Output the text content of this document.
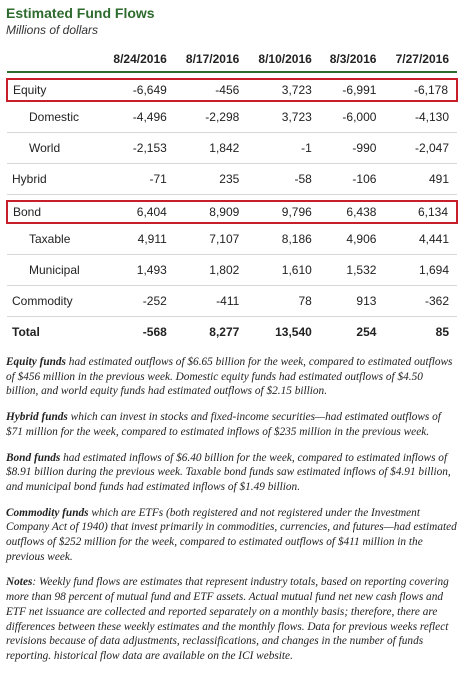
Estimated Fund Flows
Millions of dollars
	8/24/2016	8/17/2016	8/10/2016	8/3/2016	7/27/2016

Equity	-6,649	-456	3,723	-6,991	-6,178
Domestic	-4,496	-2,298	3,723	-6,000	-4,130
World	-2,153	1,842	-1	-990	-2,047
Hybrid	-71	235	-58	-106	491

Bond	6,404	8,909	9,796	6,438	6,134
Taxable	4,911	7,107	8,186	4,906	4,441
Municipal	1,493	1,802	1,610	1,532	1,694
Commodity	-252	-411	78	913	-362
Total	-568	8,277	13,540	254	85

Equity funds had estimated outflows of $6.65 billion for the week, compared to estimated outflows of $456 million in the previous week. Domestic equity funds had estimated outflows of $4.50 billion, and world equity funds had estimated outflows of $2.15 billion.

Hybrid funds which can invest in stocks and fixed-income securities—had estimated outflows of $71 million for the week, compared to estimated inflows of $235 million in the previous week.

Bond funds had estimated inflows of $6.40 billion for the week, compared to estimated inflows of $8.91 billion during the previous week. Taxable bond funds saw estimated inflows of $4.91 billion, and municipal bond funds had estimated inflows of $1.49 billion.

Commodity funds which are ETFs (both registered and not registered under the Investment Company Act of 1940) that invest primarily in commodities, currencies, and futures—had estimated outflows of $252 million for the week, compared to estimated outflows of $411 million in the previous week.

Notes: Weekly fund flows are estimates that represent industry totals, based on reporting covering more than 98 percent of mutual fund and ETF assets. Actual mutual fund net new cash flows and ETF net issuance are collected and reported separately on a monthly basis; therefore, there are differences between these weekly estimates and the monthly flows. Data for previous weeks reflect revisions because of data adjustments, reclassifications, and changes in the number of funds reporting. historical flow data are available on the ICI website.
